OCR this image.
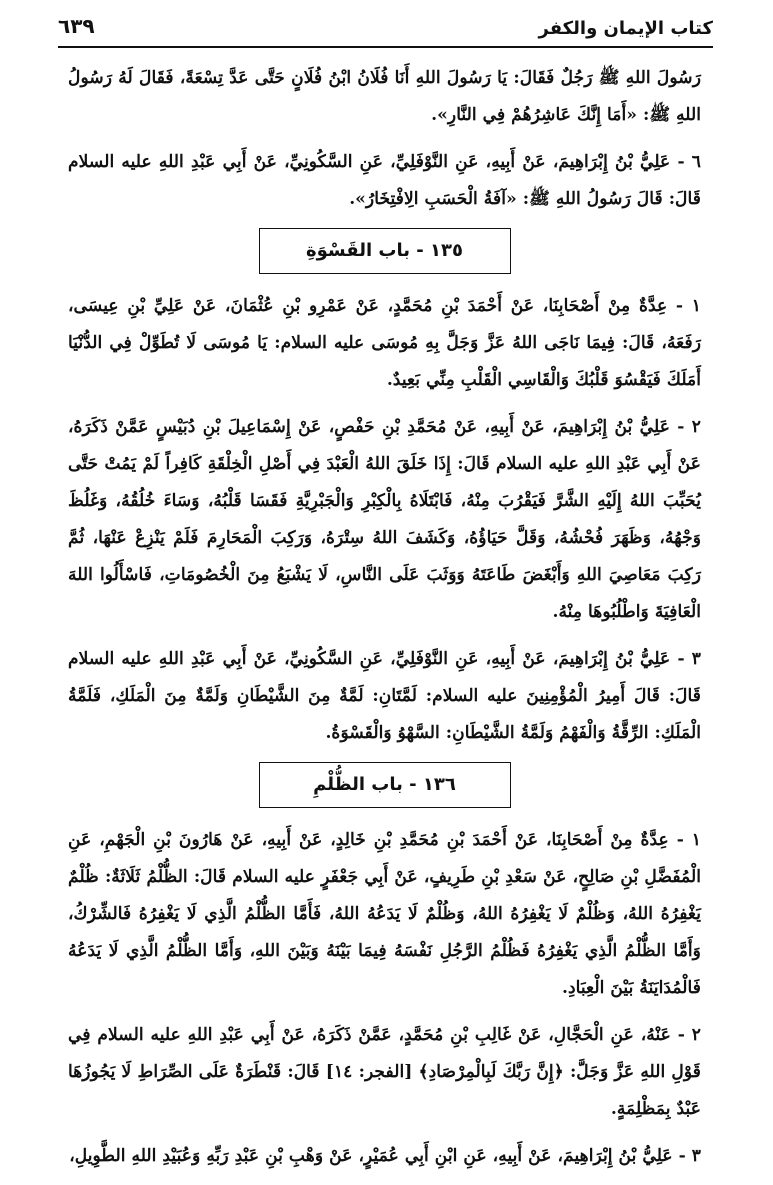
كتاب الإيمان والكفر
٦٣٩

رَسُولَ اللهِ ﷺ رَجُلٌ فَقَالَ: يَا رَسُولَ اللهِ أَنَا فُلَانُ ابْنُ فُلَانٍ حَتَّى عَدَّ تِسْعَةً، فَقَالَ لَهُ رَسُولُ اللهِ ﷺ: «أَمَا إِنَّكَ عَاشِرُهُمْ فِي النَّارِ».

٦ - عَلِيُّ بْنُ إِبْرَاهِيمَ، عَنْ أَبِيهِ، عَنِ النَّوْفَلِيِّ، عَنِ السَّكُونِيِّ، عَنْ أَبِي عَبْدِ اللهِ عليه السلام قَالَ: قَالَ رَسُولُ اللهِ ﷺ: «آفَةُ الْحَسَبِ الِافْتِخَارُ».

١٣٥ - باب القَسْوَةِ

١ - عِدَّةٌ مِنْ أَصْحَابِنَا، عَنْ أَحْمَدَ بْنِ مُحَمَّدٍ، عَنْ عَمْرِو بْنِ عُثْمَانَ، عَنْ عَلِيِّ بْنِ عِيسَى، رَفَعَهُ، قَالَ: فِيمَا نَاجَى اللهُ عَزَّ وَجَلَّ بِهِ مُوسَى عليه السلام: يَا مُوسَى لَا تُطَوِّلْ فِي الدُّنْيَا أَمَلَكَ فَيَقْسُوَ قَلْبُكَ وَالْقَاسِي الْقَلْبِ مِنِّي بَعِيدٌ.

٢ - عَلِيُّ بْنُ إِبْرَاهِيمَ، عَنْ أَبِيهِ، عَنْ مُحَمَّدِ بْنِ حَفْصٍ، عَنْ إِسْمَاعِيلَ بْنِ دُبَيْسٍ عَمَّنْ ذَكَرَهُ، عَنْ أَبِي عَبْدِ اللهِ عليه السلام قَالَ: إِذَا خَلَقَ اللهُ الْعَبْدَ فِي أَصْلِ الْخِلْقَةِ كَافِراً لَمْ يَمُتْ حَتَّى يُحَبِّبَ اللهُ إِلَيْهِ الشَّرَّ فَيَقْرُبَ مِنْهُ، فَابْتَلَاهُ بِالْكِبْرِ وَالْجَبْرِيَّةِ فَقَسَا قَلْبُهُ، وَسَاءَ خُلُقُهُ، وَغَلُظَ وَجْهُهُ، وَظَهَرَ فُحْشُهُ، وَقَلَّ حَيَاؤُهُ، وَكَشَفَ اللهُ سِتْرَهُ، وَرَكِبَ الْمَحَارِمَ فَلَمْ يَنْزِعْ عَنْهَا، ثُمَّ رَكِبَ مَعَاصِيَ اللهِ وَأَبْغَضَ طَاعَتَهُ وَوَثَبَ عَلَى النَّاسِ، لَا يَشْبَعُ مِنَ الْخُصُومَاتِ، فَاسْأَلُوا اللهَ الْعَافِيَةَ وَاطْلُبُوهَا مِنْهُ.

٣ - عَلِيُّ بْنُ إِبْرَاهِيمَ، عَنْ أَبِيهِ، عَنِ النَّوْفَلِيِّ، عَنِ السَّكُونِيِّ، عَنْ أَبِي عَبْدِ اللهِ عليه السلام قَالَ: قَالَ أَمِيرُ الْمُؤْمِنِينَ عليه السلام: لَمَّتَانِ: لَمَّةٌ مِنَ الشَّيْطَانِ وَلَمَّةٌ مِنَ الْمَلَكِ، فَلَمَّةُ الْمَلَكِ: الرِّقَّةُ وَالْفَهْمُ وَلَمَّةُ الشَّيْطَانِ: السَّهْوُ وَالْقَسْوَةُ.

١٣٦ - باب الظُّلْمِ

١ - عِدَّةٌ مِنْ أَصْحَابِنَا، عَنْ أَحْمَدَ بْنِ مُحَمَّدِ بْنِ خَالِدٍ، عَنْ أَبِيهِ، عَنْ هَارُونَ بْنِ الْجَهْمِ، عَنِ الْمُفَضَّلِ بْنِ صَالِحٍ، عَنْ سَعْدِ بْنِ طَرِيفٍ، عَنْ أَبِي جَعْفَرٍ عليه السلام قَالَ: الظُّلْمُ ثَلَاثَةٌ: ظُلْمٌ يَغْفِرُهُ اللهُ، وَظُلْمٌ لَا يَغْفِرُهُ اللهُ، وَظُلْمٌ لَا يَدَعُهُ اللهُ، فَأَمَّا الظُّلْمُ الَّذِي لَا يَغْفِرُهُ فَالشِّرْكُ، وَأَمَّا الظُّلْمُ الَّذِي يَغْفِرُهُ فَظُلْمُ الرَّجُلِ نَفْسَهُ فِيمَا بَيْنَهُ وَبَيْنَ اللهِ، وَأَمَّا الظُّلْمُ الَّذِي لَا يَدَعُهُ فَالْمُدَايَنَةُ بَيْنَ الْعِبَادِ.

٢ - عَنْهُ، عَنِ الْحَجَّالِ، عَنْ غَالِبِ بْنِ مُحَمَّدٍ، عَمَّنْ ذَكَرَهُ، عَنْ أَبِي عَبْدِ اللهِ عليه السلام فِي قَوْلِ اللهِ عَزَّ وَجَلَّ: ﴿إِنَّ رَبَّكَ لَبِالْمِرْصَادِ﴾ [الفجر: ١٤] قَالَ: قَنْطَرَةٌ عَلَى الصِّرَاطِ لَا يَجُوزُهَا عَبْدٌ بِمَظْلِمَةٍ.

٣ - عَلِيُّ بْنُ إِبْرَاهِيمَ، عَنْ أَبِيهِ، عَنِ ابْنِ أَبِي عُمَيْرٍ، عَنْ وَهْبِ بْنِ عَبْدِ رَبِّهِ وَعُبَيْدِ اللهِ الطَّوِيلِ،
